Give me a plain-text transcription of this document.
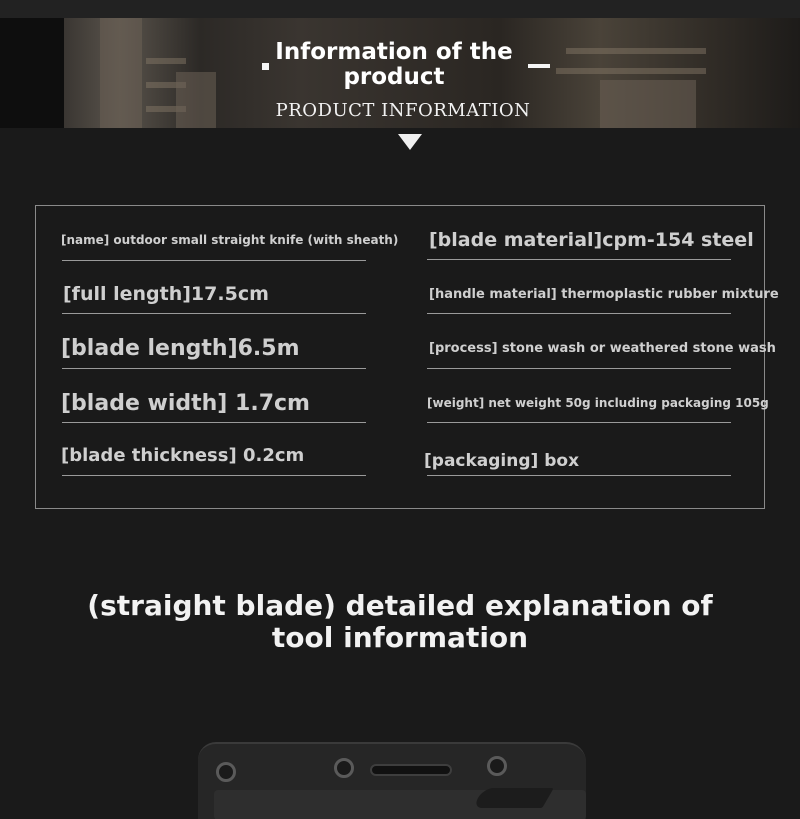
Information of the product
PRODUCT INFORMATION
[name] outdoor small straight knife (with sheath)
[full length]17.5cm
[blade length]6.5m
[blade width] 1.7cm
[blade thickness] 0.2cm
[blade material]cpm-154 steel
[handle material] thermoplastic rubber mixture
[process] stone wash or weathered stone wash
[weight] net weight 50g including packaging 105g
[packaging] box
(straight blade) detailed explanation of tool information
